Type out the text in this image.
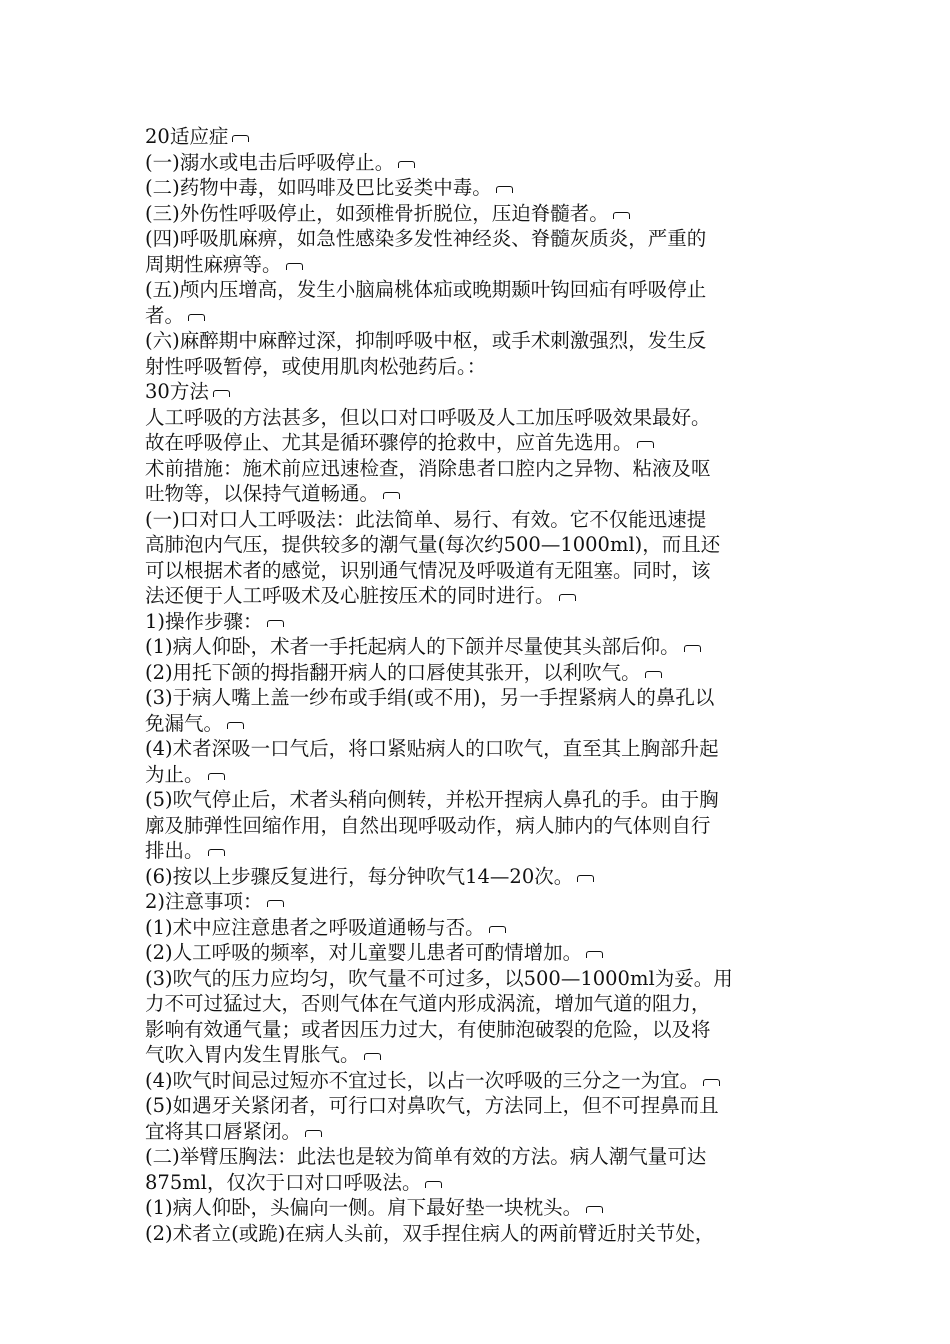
20适应症
(一)溺水或电击后呼吸停止。
(二)药物中毒，如吗啡及巴比妥类中毒。
(三)外伤性呼吸停止，如颈椎骨折脱位，压迫脊髓者。
(四)呼吸肌麻痹，如急性感染多发性神经炎、脊髓灰质炎，严重的
周期性麻痹等。
(五)颅内压增高，发生小脑扁桃体疝或晚期颞叶钩回疝有呼吸停止
者。
(六)麻醉期中麻醉过深，抑制呼吸中枢，或手术刺激强烈，发生反
射性呼吸暂停，或使用肌肉松弛药后。：
30方法
人工呼吸的方法甚多，但以口对口呼吸及人工加压呼吸效果最好。
故在呼吸停止、尤其是循环骤停的抢救中，应首先选用。
术前措施：施术前应迅速检查，消除患者口腔内之异物、粘液及呕
吐物等，以保持气道畅通。
(一)口对口人工呼吸法：此法简单、易行、有效。它不仅能迅速提
高肺泡内气压，提供较多的潮气量(每次约500—1000ml)，而且还
可以根据术者的感觉，识别通气情况及呼吸道有无阻塞。同时，该
法还便于人工呼吸术及心脏按压术的同时进行。
1)操作步骤：
(1)病人仰卧，术者一手托起病人的下颌并尽量使其头部后仰。
(2)用托下颌的拇指翻开病人的口唇使其张开，以利吹气。
(3)于病人嘴上盖一纱布或手绢(或不用)，另一手捏紧病人的鼻孔以
免漏气。
(4)术者深吸一口气后，将口紧贴病人的口吹气，直至其上胸部升起
为止。
(5)吹气停止后，术者头稍向侧转，并松开捏病人鼻孔的手。由于胸
廓及肺弹性回缩作用，自然出现呼吸动作，病人肺内的气体则自行
排出。
(6)按以上步骤反复进行，每分钟吹气14—20次。
2)注意事项：
(1)术中应注意患者之呼吸道通畅与否。
(2)人工呼吸的频率，对儿童婴儿患者可酌情增加。
(3)吹气的压力应均匀，吹气量不可过多，以500—1000ml为妥。用
力不可过猛过大，否则气体在气道内形成涡流，增加气道的阻力，
影响有效通气量；或者因压力过大，有使肺泡破裂的危险，以及将
气吹入胃内发生胃胀气。
(4)吹气时间忌过短亦不宜过长，以占一次呼吸的三分之一为宜。
(5)如遇牙关紧闭者，可行口对鼻吹气，方法同上，但不可捏鼻而且
宜将其口唇紧闭。
(二)举臂压胸法：此法也是较为简单有效的方法。病人潮气量可达
875ml，仅次于口对口呼吸法。
(1)病人仰卧，头偏向一侧。肩下最好垫一块枕头。
(2)术者立(或跪)在病人头前，双手捏住病人的两前臂近肘关节处，
